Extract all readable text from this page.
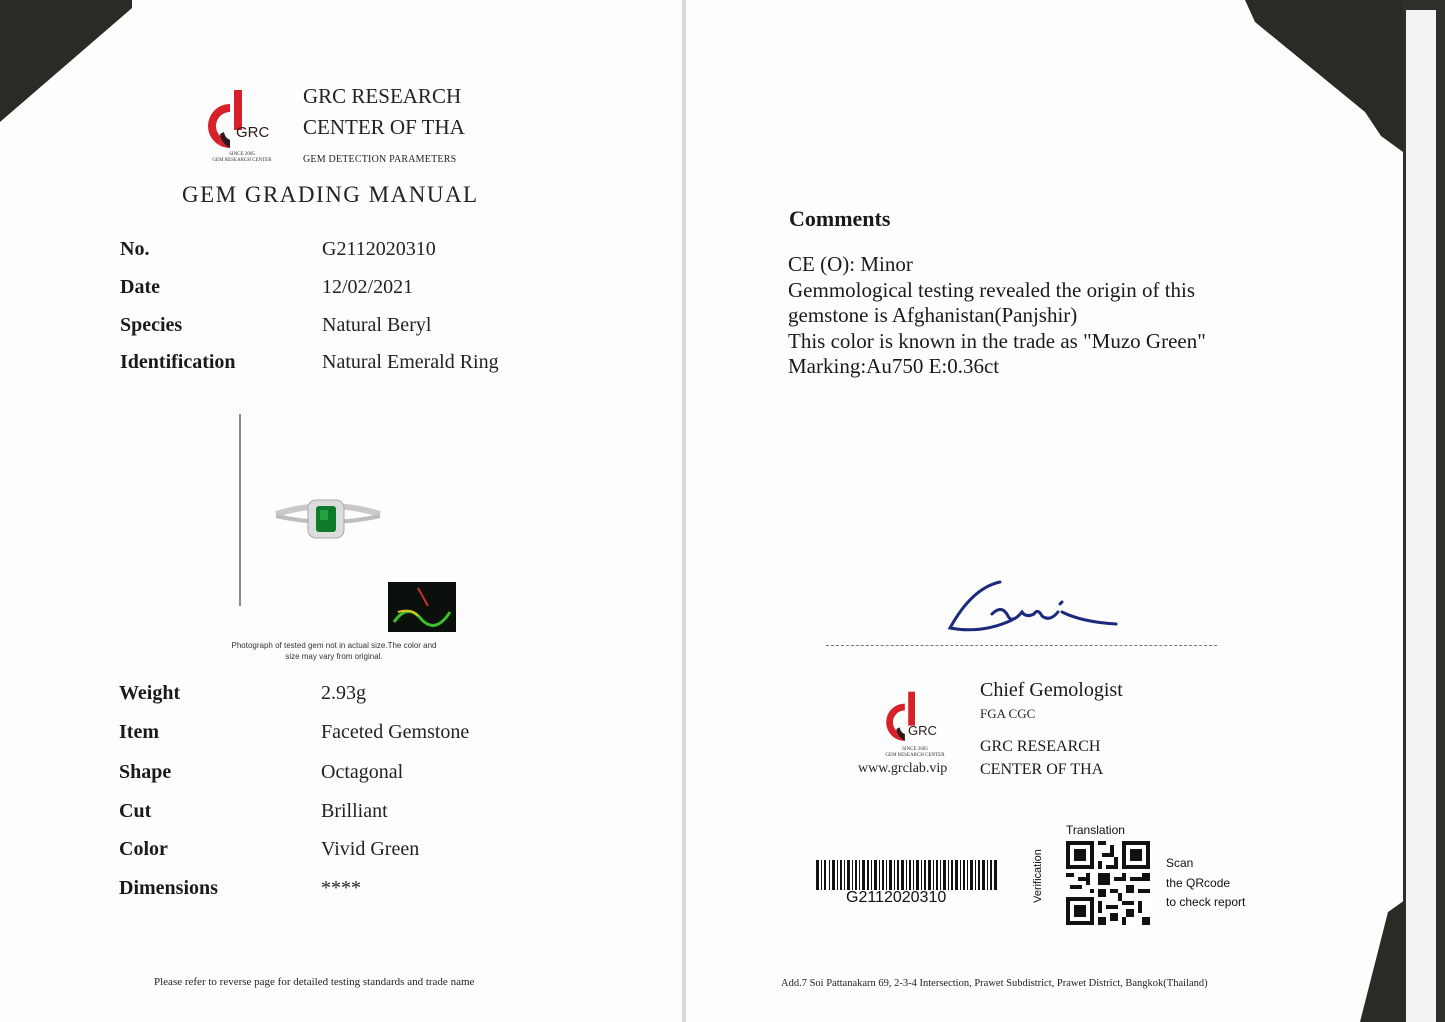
GRC
SINCE 2005
GEM RESEARCH CENTER
GRC RESEARCH
CENTER OF THA
GEM DETECTION PARAMETERS
GEM GRADING MANUAL
No.	G2112020310
Date	12/02/2021
Species	Natural Beryl
Identification	Natural Emerald Ring
Photograph of tested gem not in actual size.The color and
size may vary from original.
Weight	2.93g
Item	Faceted Gemstone
Shape	Octagonal
Cut	Brilliant
Color	Vivid Green
Dimensions	****
Please refer to reverse page for detailed testing standards and trade name
Comments
CE (O): Minor
Gemmological testing revealed the origin of this
gemstone is Afghanistan(Panjshir)
This color is known in the trade as "Muzo Green"
Marking:Au750 E:0.36ct
GRC
SINCE 2005
GEM RESEARCH CENTER
www.grclab.vip
Chief Gemologist
FGA CGC
GRC RESEARCH
CENTER OF THA
G2112020310
Translation
Verification	Scan
the QRcode
to check report
Add.7 Soi Pattanakarn 69, 2-3-4 Intersection, Prawet Subdistrict, Prawet District, Bangkok(Thailand)
